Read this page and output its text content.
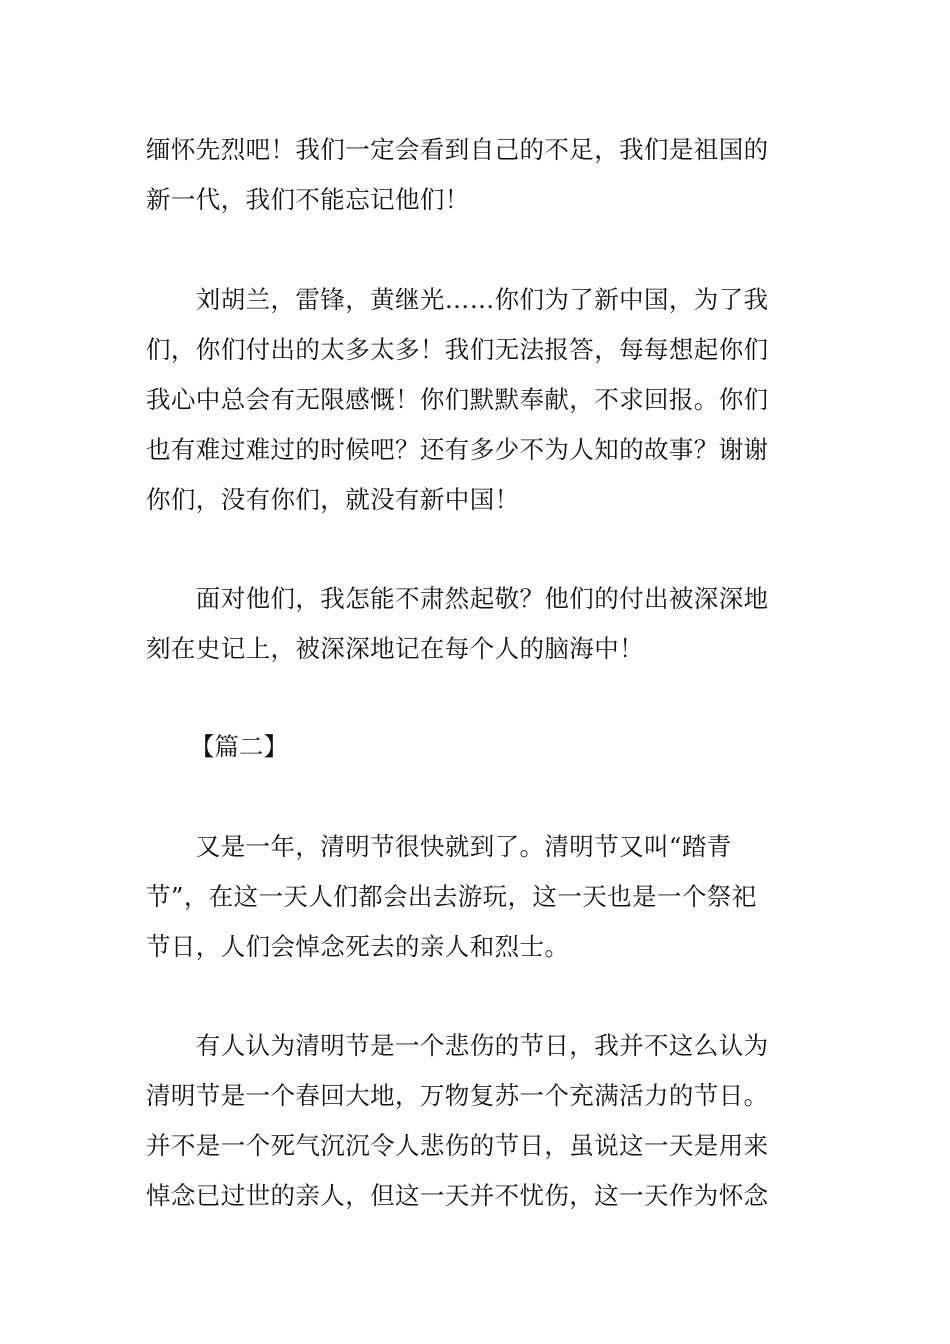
缅怀先烈吧！我们一定会看到自己的不足，我们是祖国的
新一代，我们不能忘记他们！
　　刘胡兰，雷锋，黄继光……你们为了新中国，为了我
们，你们付出的太多太多！我们无法报答，每每想起你们
我心中总会有无限感慨！你们默默奉献，不求回报。你们
也有难过难过的时候吧？还有多少不为人知的故事？谢谢
你们，没有你们，就没有新中国！
　　面对他们，我怎能不肃然起敬？他们的付出被深深地
刻在史记上，被深深地记在每个人的脑海中！
【篇二】
　　又是一年，清明节很快就到了。清明节又叫“踏青
节”，在这一天人们都会出去游玩，这一天也是一个祭祀
节日，人们会悼念死去的亲人和烈士。
　　有人认为清明节是一个悲伤的节日，我并不这么认为
清明节是一个春回大地，万物复苏一个充满活力的节日。
并不是一个死气沉沉令人悲伤的节日，虽说这一天是用来
悼念已过世的亲人，但这一天并不忧伤，这一天作为怀念
